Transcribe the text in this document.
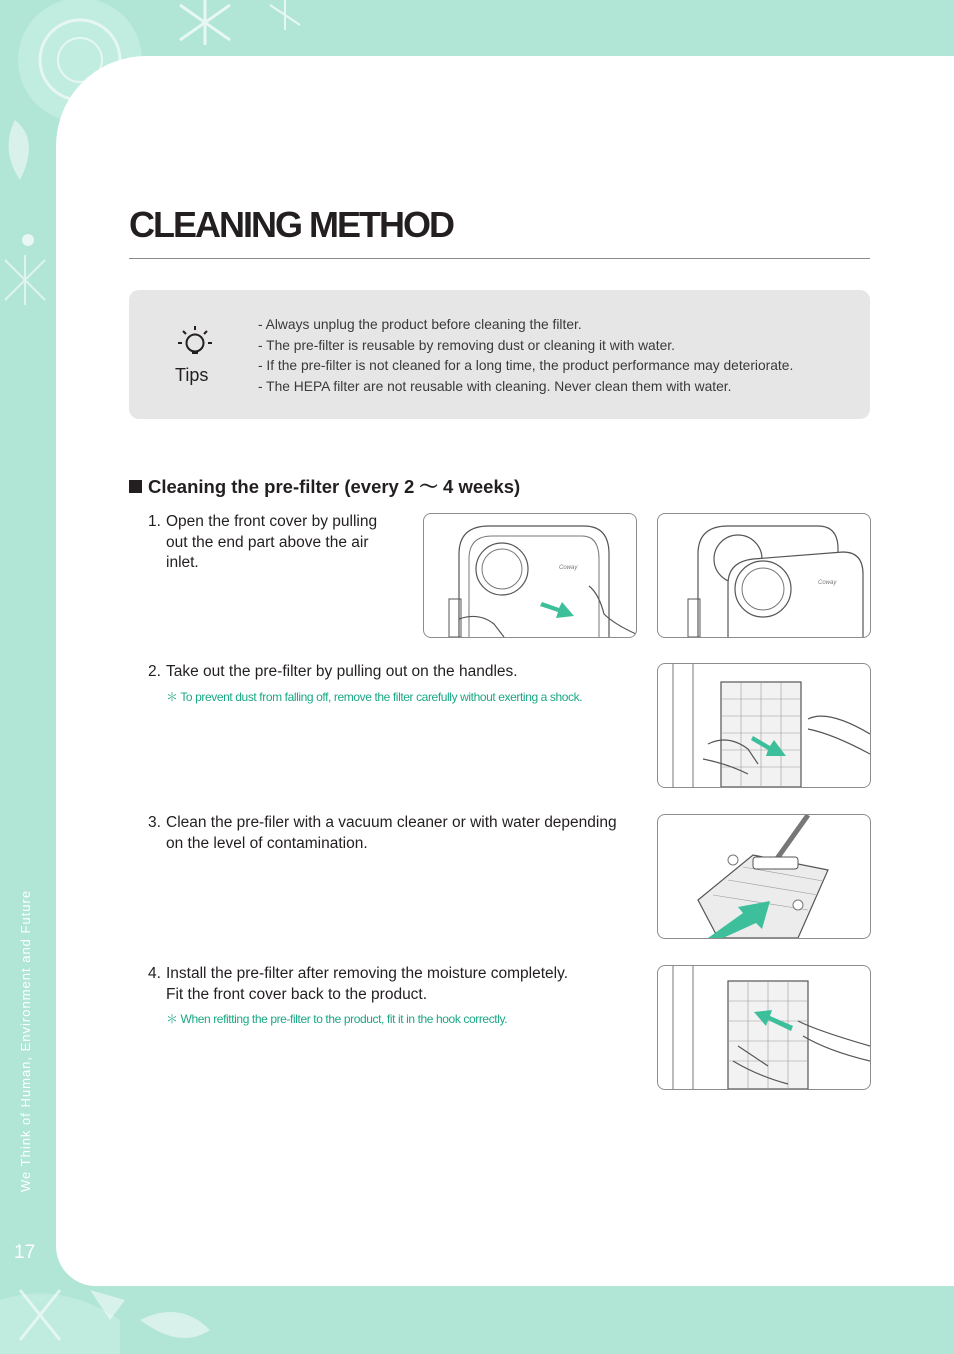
CLEANING METHOD
Tips
- Always unplug the product before cleaning the filter.
- The pre-filter is reusable by removing dust or cleaning it with water.
- If the pre-filter is not cleaned for a long time, the product performance may deteriorate.
- The HEPA filter are not reusable with cleaning. Never clean them with water.
Cleaning the pre-filter (every 2 〜 4 weeks)
1. Open the front cover by pulling
out the end part above the air
inlet.
2. Take out the pre-filter by pulling out on the handles.
＊ To prevent dust from falling off, remove the filter carefully without exerting a shock.
3. Clean the pre-filer with a vacuum cleaner or with water depending
on the level of contamination.
4. Install the pre-filter after removing the moisture completely.
Fit the front cover back to the product.
＊ When refitting the pre-filter to the product, fit it in the hook correctly.
Coway
Coway
We Think of Human, Environment and Future
17
